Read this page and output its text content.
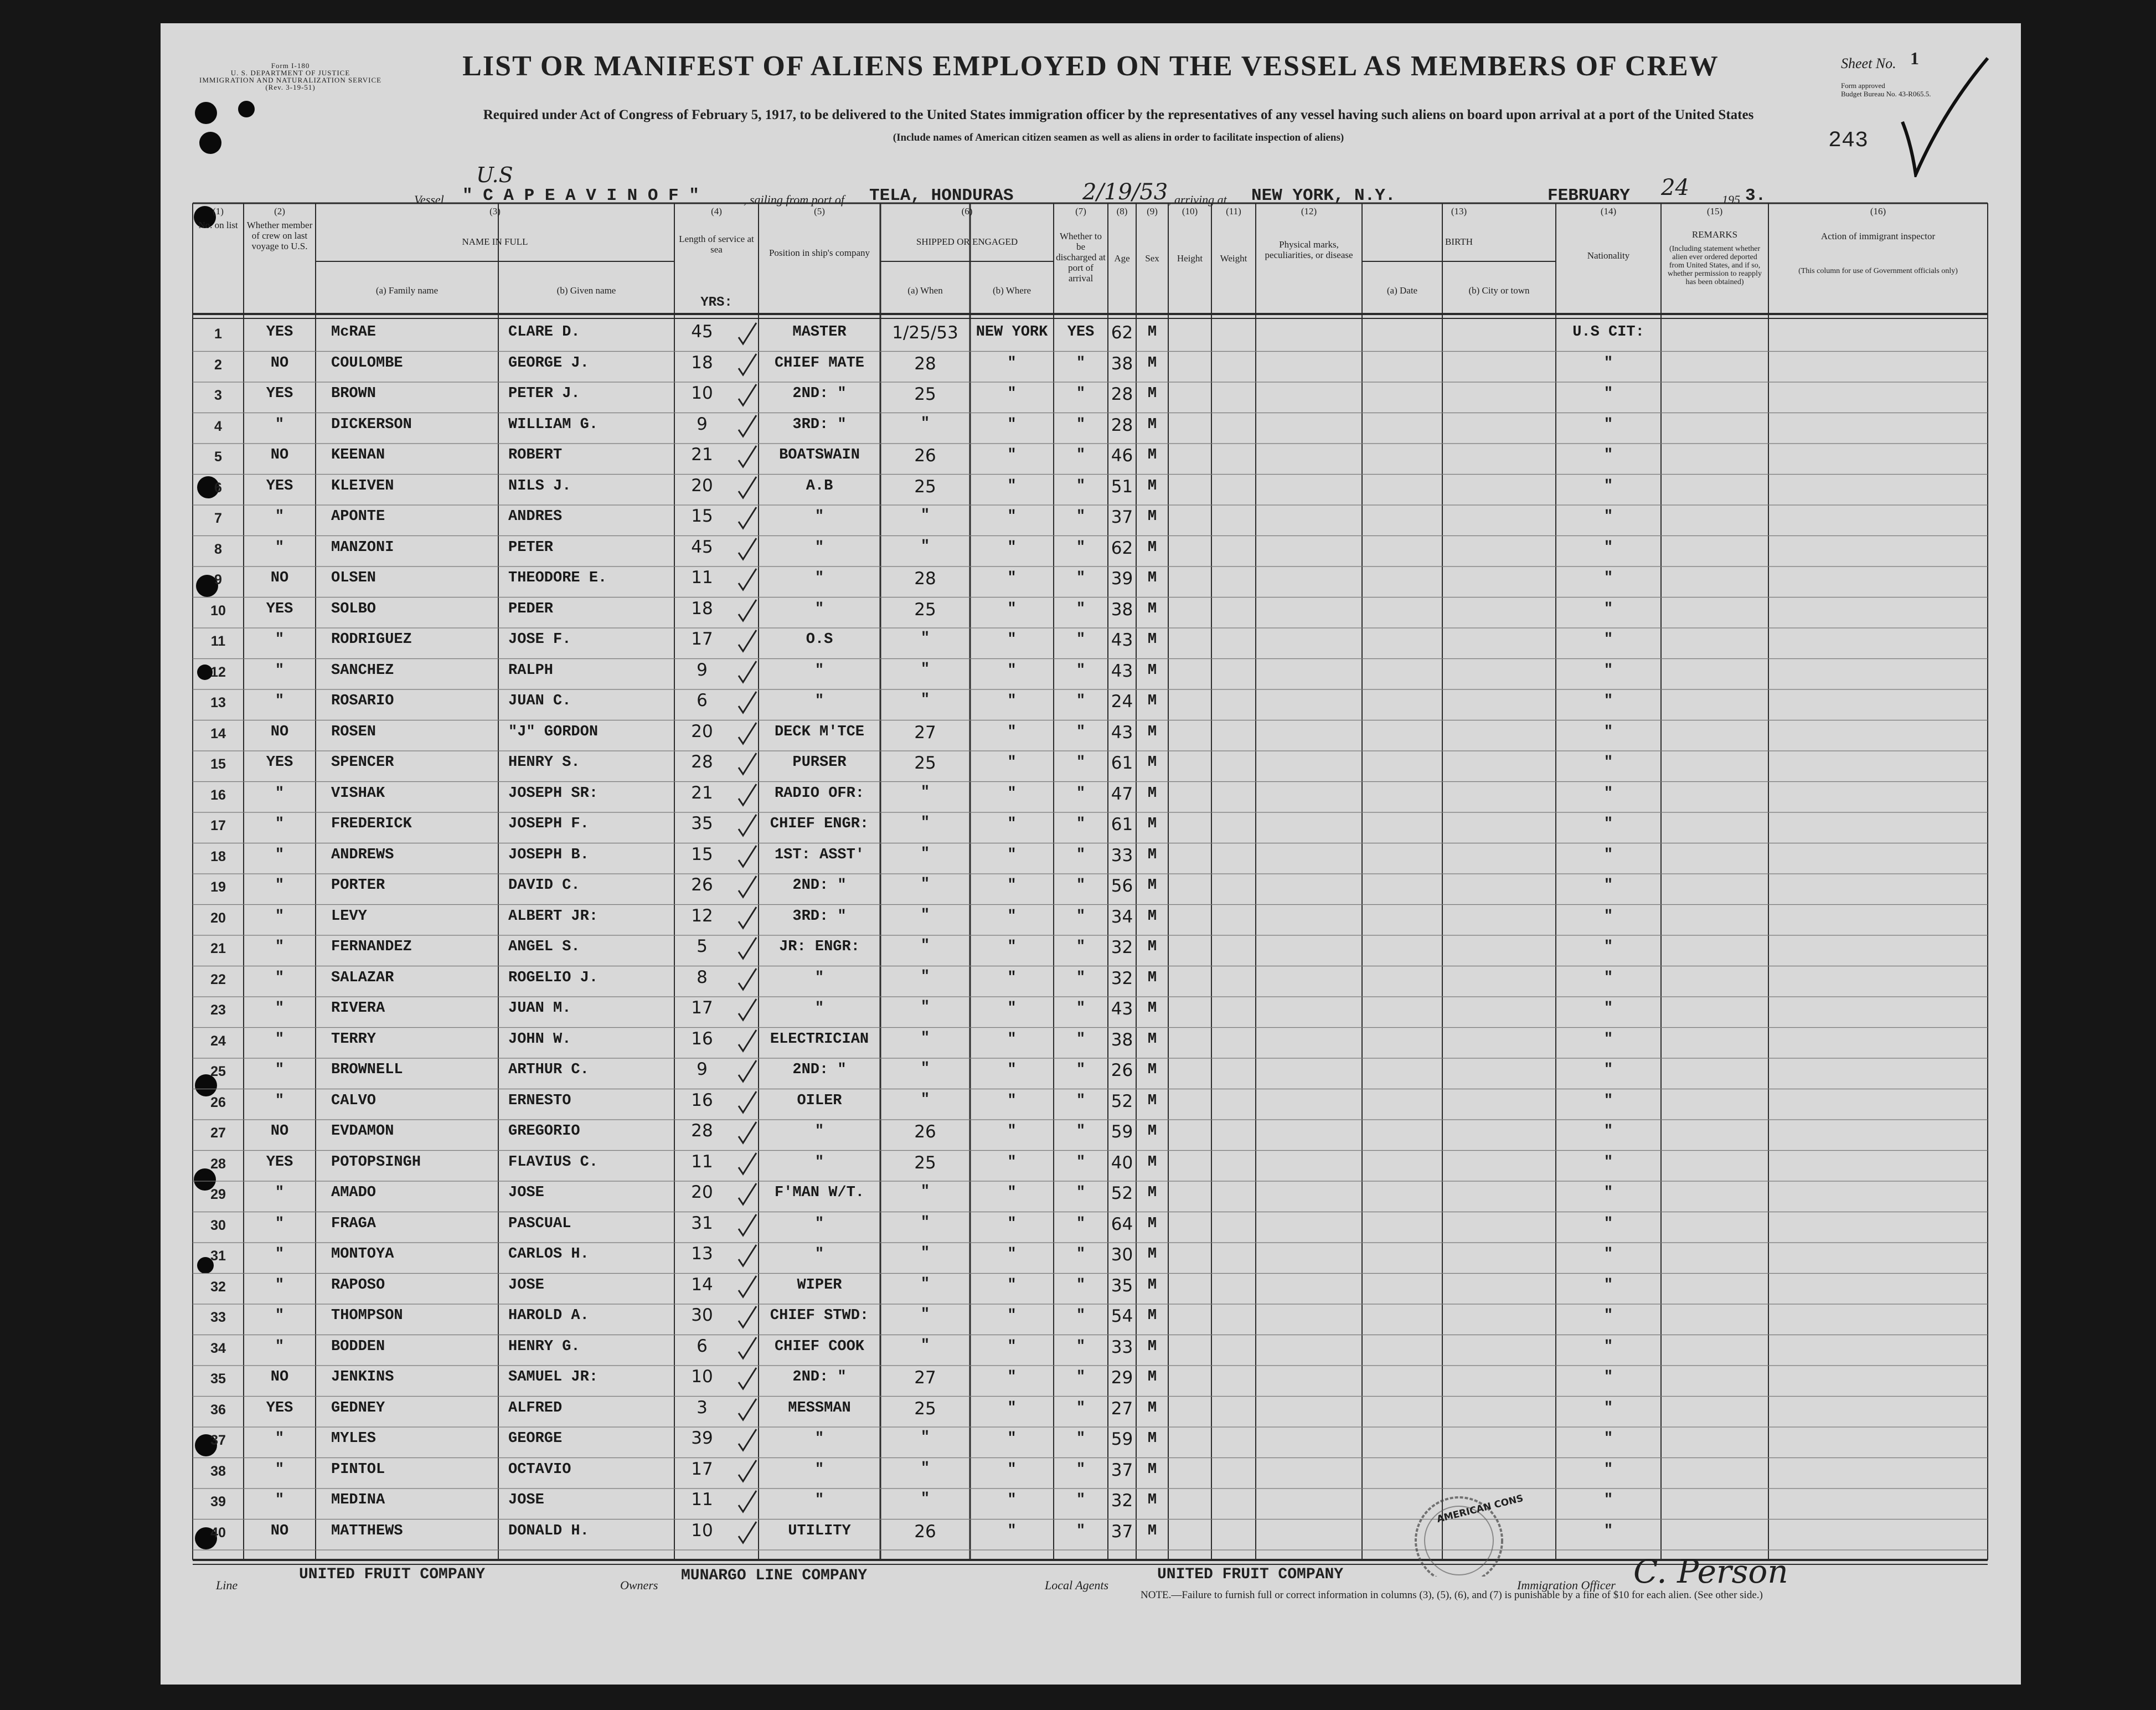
Form I-180
U. S. DEPARTMENT OF JUSTICE
IMMIGRATION AND NATURALIZATION SERVICE
(Rev. 3-19-51)
LIST OR MANIFEST OF ALIENS EMPLOYED ON THE VESSEL AS MEMBERS OF CREW	Sheet No. 1
Form approved
Budget Bureau No. 43-R065.5.
243
Required under Act of Congress of February 5, 1917, to be delivered to the United States immigration officer by the representatives of any vessel having such aliens on board upon arrival at a port of the United States
(Include names of American citizen seamen as well as aliens in order to facilitate inspection of aliens)
Vessel
U.S
" C A P E A V I N O F "	, sailing from port of TELA, HONDURAS	2/19/53 , arriving at NEW YORK, N.Y.	FEBRUARY 24	195 3.
(1)
No. on list
(2)
Whether member of crew on last voyage to U.S.
(3)
NAME IN FULL
(4)
Length of service at sea
(5)
Position in ship's company
(6)
SHIPPED OR ENGAGED
(7)
Whether to be discharged at port of arrival
(8)
Age
(9)
Sex
(10)
Height
(11)
Weight
(12)
Physical marks, peculiarities, or disease
(13)
BIRTH
(14)
Nationality
(15)
REMARKS
(16)
Action of immigrant inspector
(a) Family name	(b) Given name	(a) When	(b) Where	(a) Date	(b) City or town
YRS:
(Including statement whether alien ever ordered deported from United States, and if so, whether permission to reapply has been obtained)
(This column for use of Government officials only)
1	YES	McRAE	CLARE D.	45	MASTER	1/25/53	NEW YORK	YES 62 M	U.S CIT:
2	NO	COULOMBE	GEORGE J.	18	CHIEF MATE	28	"	"	38 M	"
3	YES	BROWN	PETER J.	10	2ND: "	25	"	"	28 M	"
4	"	DICKERSON	WILLIAM G.	9	3RD: "	"	"	"	28 M	"
5	NO	KEENAN	ROBERT	21	BOATSWAIN	26	"	"	46 M	"
6	YES	KLEIVEN	NILS J.	20	A.B	25	"	"	51 M	"
7	"	APONTE	ANDRES	15	"	"	"	"	37 M	"
8	"	MANZONI	PETER	45	"	"	"	"	62 M	"
9	NO	OLSEN	THEODORE E.	11	"	28	"	"	39 M	"
10	YES	SOLBO	PEDER	18	"	25	"	"	38 M	"
11	"	RODRIGUEZ	JOSE F.	17	O.S	"	"	"	43 M	"
12	"	SANCHEZ	RALPH	9	"	"	"	"	43 M	"
13	"	ROSARIO	JUAN C.	6	"	"	"	"	24 M	"
14	NO	ROSEN	"J" GORDON	20	DECK M'TCE	27	"	"	43 M	"
15	YES	SPENCER	HENRY S.	28	PURSER	25	"	"	61 M	"
16	"	VISHAK	JOSEPH SR:	21	RADIO OFR:	"	"	"	47 M	"
17	"	FREDERICK	JOSEPH F.	35	CHIEF ENGR:	"	"	"	61 M	"
18	"	ANDREWS	JOSEPH B.	15	1ST: ASST'	"	"	"	33 M	"
19	"	PORTER	DAVID C.	26	2ND: "	"	"	"	56 M	"
20	"	LEVY	ALBERT JR:	12	3RD: "	"	"	"	34 M	"
21	"	FERNANDEZ	ANGEL S.	5	JR: ENGR:	"	"	"	32 M	"
22	"	SALAZAR	ROGELIO J.	8	"	"	"	"	32 M	"
23	"	RIVERA	JUAN M.	17	"	"	"	"	43 M	"
24	"	TERRY	JOHN W.	16	ELECTRICIAN	"	"	"	38 M	"
25	"	BROWNELL	ARTHUR C.	9	2ND: "	"	"	"	26 M	"
26	"	CALVO	ERNESTO	16	OILER	"	"	"	52 M	"
27	NO	EVDAMON	GREGORIO	28	"	26	"	"	59 M	"
28	YES	POTOPSINGH	FLAVIUS C.	11	"	25	"	"	40 M	"
29	"	AMADO	JOSE	20	F'MAN W/T.	"	"	"	52 M	"
30	"	FRAGA	PASCUAL	31	"	"	"	"	64 M	"
31	"	MONTOYA	CARLOS H.	13	"	"	"	"	30 M	"
32	"	RAPOSO	JOSE	14	WIPER	"	"	"	35 M	"
33	"	THOMPSON	HAROLD A.	30	CHIEF STWD:	"	"	"	54 M	"
34	"	BODDEN	HENRY G.	6	CHIEF COOK	"	"	"	33 M	"
35	NO	JENKINS	SAMUEL JR:	10	2ND: "	27	"	"	29 M	"
36	YES	GEDNEY	ALFRED	3	MESSMAN	25	"	"	27 M	"
37	"	MYLES	GEORGE	39	"	"	"	"	59 M	"
38	"	PINTOL	OCTAVIO	17	"	"	"	"	37 M	"
39	"	MEDINA	JOSE	11	"	"	"	"	32 M	"
40	NO	MATTHEWS	DONALD H.	10	UTILITY	26	"	"	37 M	"
Line
UNITED FRUIT COMPANY
Owners
MUNARGO LINE COMPANY
Local Agents
UNITED FRUIT COMPANY
Immigration Officer C. Person
NOTE.—Failure to furnish full or correct information in columns (3), (5), (6), and (7) is punishable by a fine of $10 for each alien. (See other side.)
AMERICAN CONS
